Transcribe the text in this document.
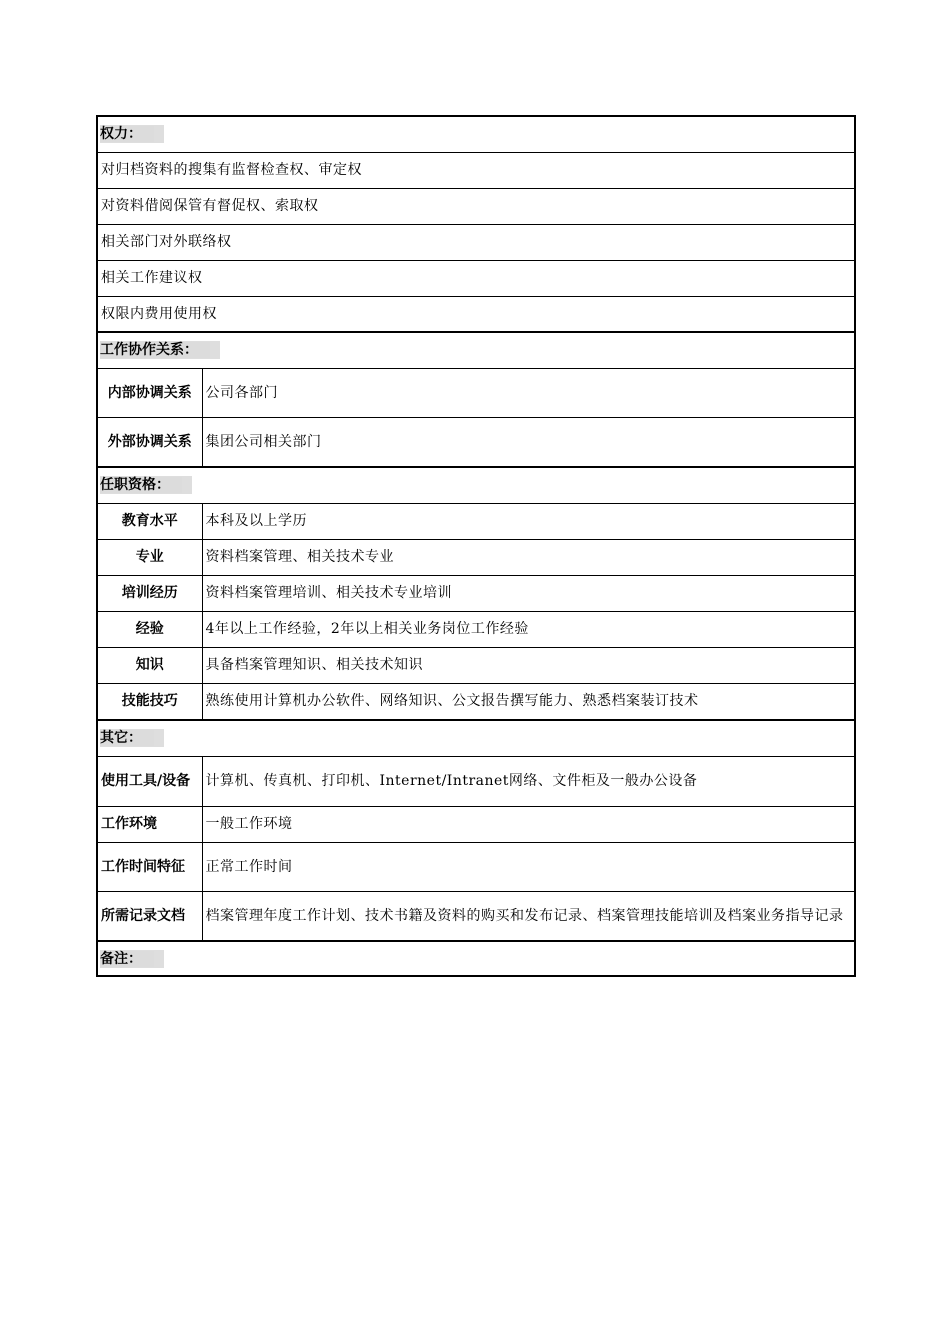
权力：	
对归档资料的搜集有监督检查权、审定权	
对资料借阅保管有督促权、索取权	
相关部门对外联络权	
相关工作建议权	
权限内费用使用权	
工作协作关系：	
内部协调关系	公司各部门
外部协调关系	集团公司相关部门
任职资格：	
教育水平	本科及以上学历
专业	资料档案管理、相关技术专业
培训经历	资料档案管理培训、相关技术专业培训
经验	4年以上工作经验，2年以上相关业务岗位工作经验
知识	具备档案管理知识、相关技术知识
技能技巧	熟练使用计算机办公软件、网络知识、公文报告撰写能力、熟悉档案装订技术
其它：	
使用工具/设备	计算机、传真机、打印机、Internet/Intranet网络、文件柜及一般办公设备
工作环境	一般工作环境
工作时间特征	正常工作时间
所需记录文档	档案管理年度工作计划、技术书籍及资料的购买和发布记录、档案管理技能培训及档案业务指导记录
备注：	
